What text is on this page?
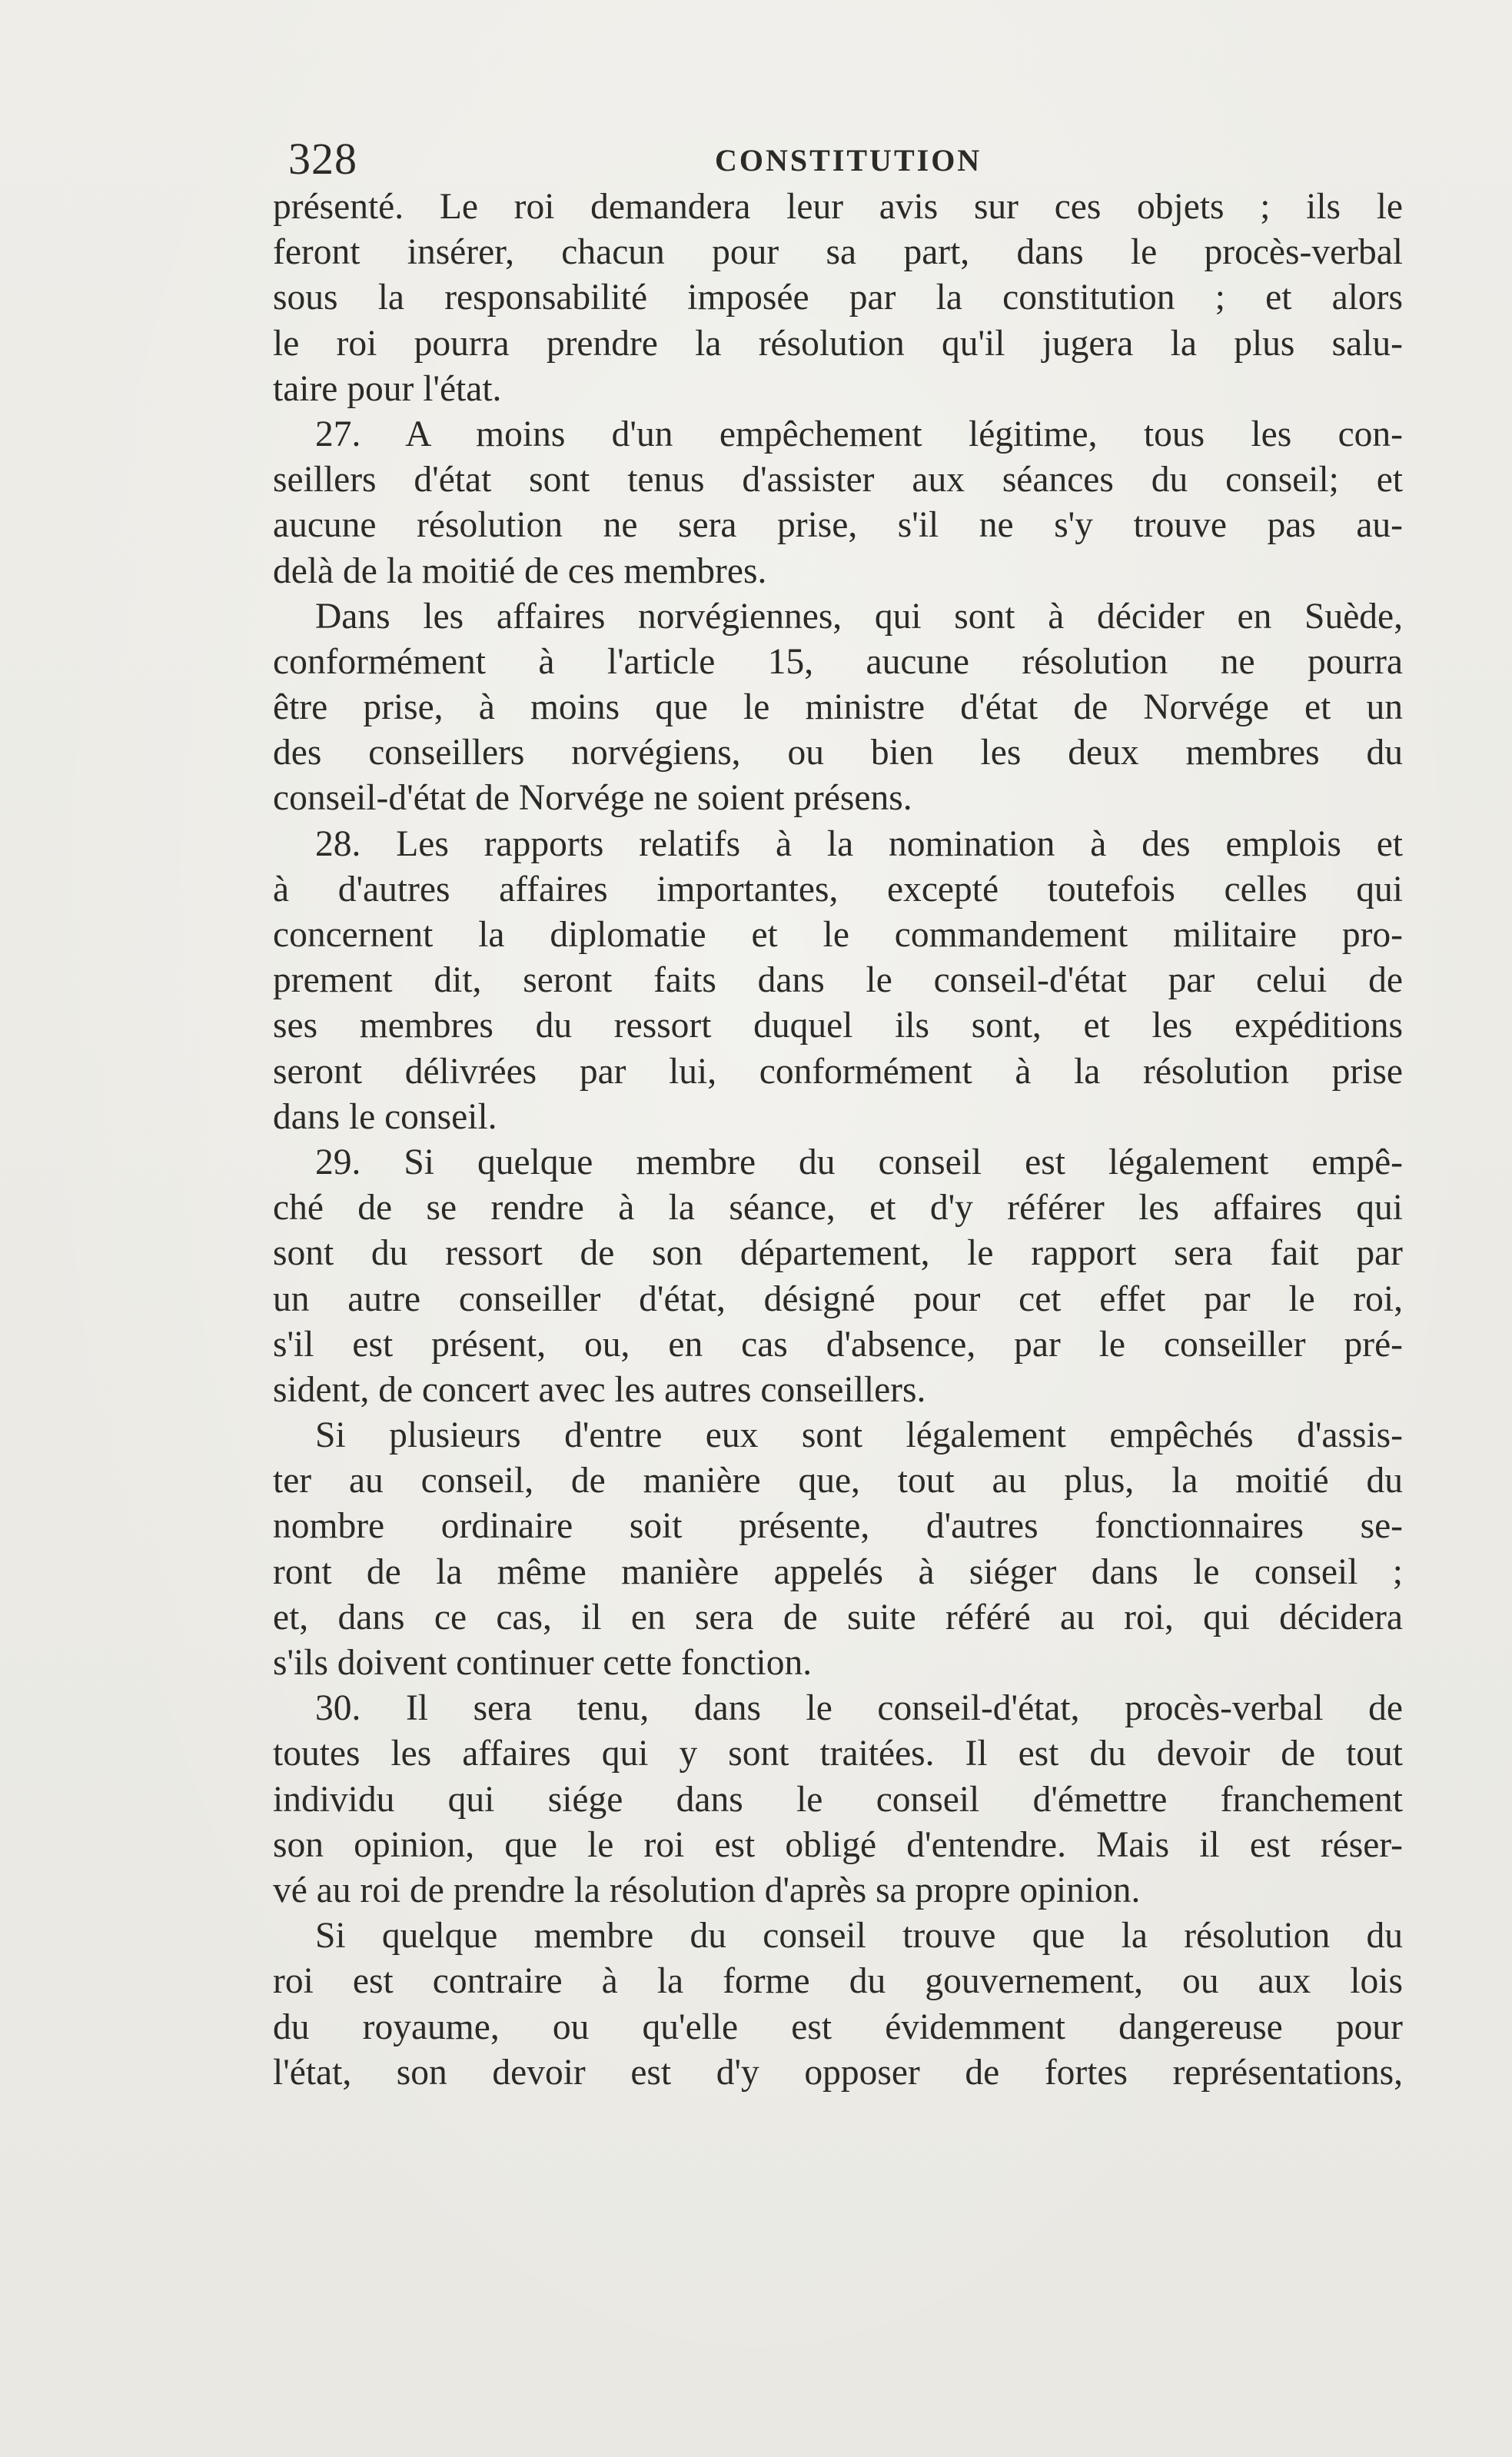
328	CONSTITUTION
présenté. Le roi demandera leur avis sur ces objets ; ils le
feront insérer, chacun pour sa part, dans le procès-verbal
sous la responsabilité imposée par la constitution ; et alors
le roi pourra prendre la résolution qu'il jugera la plus salu-
taire pour l'état.
27. A moins d'un empêchement légitime, tous les con-
seillers d'état sont tenus d'assister aux séances du conseil; et
aucune résolution ne sera prise, s'il ne s'y trouve pas au-
delà de la moitié de ces membres.
Dans les affaires norvégiennes, qui sont à décider en Suède,
conformément à l'article 15, aucune résolution ne pourra
être prise, à moins que le ministre d'état de Norvége et un
des conseillers norvégiens, ou bien les deux membres du
conseil-d'état de Norvége ne soient présens.
28. Les rapports relatifs à la nomination à des emplois et
à d'autres affaires importantes, excepté toutefois celles qui
concernent la diplomatie et le commandement militaire pro-
prement dit, seront faits dans le conseil-d'état par celui de
ses membres du ressort duquel ils sont, et les expéditions
seront délivrées par lui, conformément à la résolution prise
dans le conseil.
29. Si quelque membre du conseil est légalement empê-
ché de se rendre à la séance, et d'y référer les affaires qui
sont du ressort de son département, le rapport sera fait par
un autre conseiller d'état, désigné pour cet effet par le roi,
s'il est présent, ou, en cas d'absence, par le conseiller pré-
sident, de concert avec les autres conseillers.
Si plusieurs d'entre eux sont légalement empêchés d'assis-
ter au conseil, de manière que, tout au plus, la moitié du
nombre ordinaire soit présente, d'autres fonctionnaires se-
ront de la même manière appelés à siéger dans le conseil ;
et, dans ce cas, il en sera de suite référé au roi, qui décidera
s'ils doivent continuer cette fonction.
30. Il sera tenu, dans le conseil-d'état, procès-verbal de
toutes les affaires qui y sont traitées. Il est du devoir de tout
individu qui siége dans le conseil d'émettre franchement
son opinion, que le roi est obligé d'entendre. Mais il est réser-
vé au roi de prendre la résolution d'après sa propre opinion.
Si quelque membre du conseil trouve que la résolution du
roi est contraire à la forme du gouvernement, ou aux lois
du royaume, ou qu'elle est évidemment dangereuse pour
l'état, son devoir est d'y opposer de fortes représentations,
